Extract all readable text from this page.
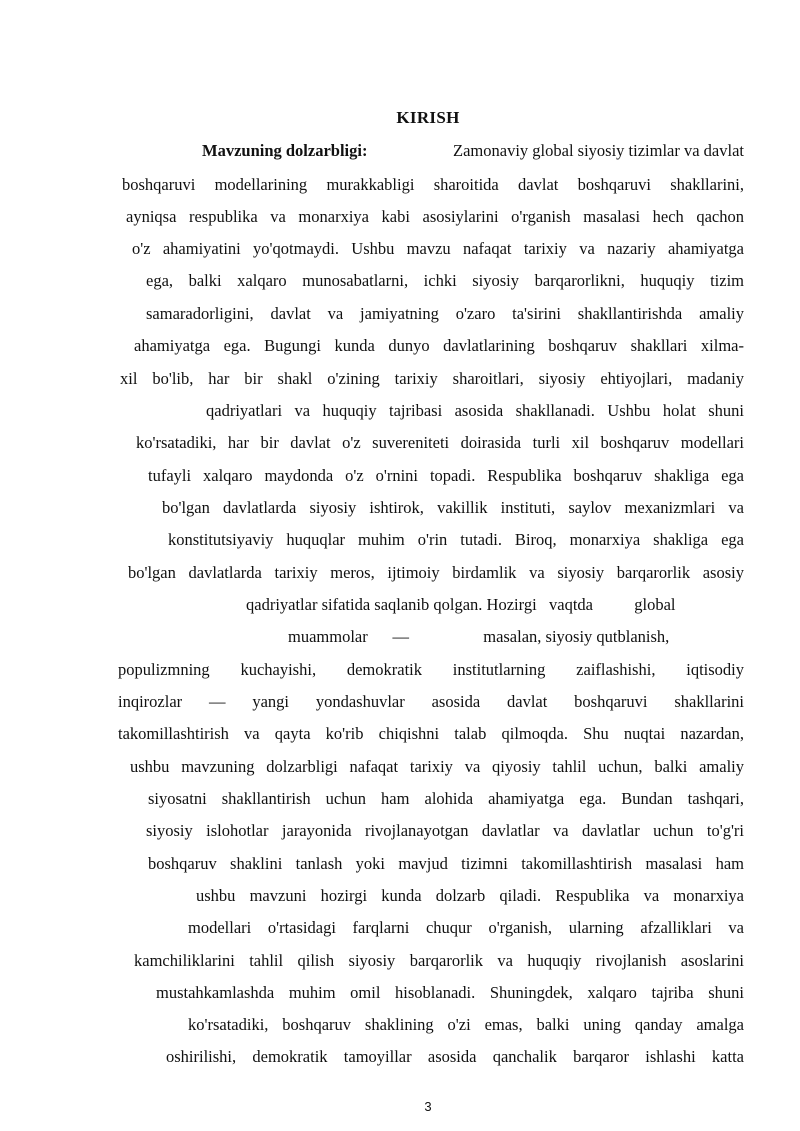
KIRISH
Mavzuning dolzarbligi:	Zamonaviy global siyosiy tizimlar va davlat
boshqaruvi modellarining murakkabligi sharoitida davlat boshqaruvi shakllarini,
ayniqsa respublika va monarxiya kabi asosiylarini o'rganish masalasi hech qachon
o'z ahamiyatini yo'qotmaydi. Ushbu mavzu nafaqat tarixiy va nazariy ahamiyatga
ega, balki xalqaro munosabatlarni, ichki siyosiy barqarorlikni, huquqiy tizim
samaradorligini, davlat va jamiyatning o'zaro ta'sirini shakllantirishda amaliy
ahamiyatga ega. Bugungi kunda dunyo davlatlarining boshqaruv shakllari xilma-
xil bo'lib, har bir shakl o'zining tarixiy sharoitlari, siyosiy ehtiyojlari, madaniy
qadriyatlari va huquqiy tajribasi asosida shakllanadi. Ushbu holat shuni
ko'rsatadiki, har bir davlat o'z suvereniteti doirasida turli xil boshqaruv modellari
tufayli xalqaro maydonda o'z o'rnini topadi. Respublika boshqaruv shakliga ega
bo'lgan davlatlarda siyosiy ishtirok, vakillik instituti, saylov mexanizmlari va
konstitutsiyaviy huquqlar muhim o'rin tutadi. Biroq, monarxiya shakliga ega
bo'lgan davlatlarda tarixiy meros, ijtimoiy birdamlik va siyosiy barqarorlik asosiy
qadriyatlar sifatida saqlanib qolgan. Hozirgi   vaqtda          global
muammolar      —                  masalan, siyosiy qutblanish,
populizmning kuchayishi, demokratik institutlarning zaiflashishi, iqtisodiy
inqirozlar — yangi yondashuvlar asosida davlat boshqaruvi shakllarini
takomillashtirish va qayta ko'rib chiqishni talab qilmoqda. Shu nuqtai nazardan,
ushbu mavzuning dolzarbligi nafaqat tarixiy va qiyosiy tahlil uchun, balki amaliy
siyosatni shakllantirish uchun ham alohida ahamiyatga ega. Bundan tashqari,
siyosiy islohotlar jarayonida rivojlanayotgan davlatlar va davlatlar uchun to'g'ri
boshqaruv shaklini tanlash yoki mavjud tizimni takomillashtirish masalasi ham
ushbu mavzuni hozirgi kunda dolzarb qiladi. Respublika va monarxiya
modellari o'rtasidagi farqlarni chuqur o'rganish, ularning afzalliklari va
kamchiliklarini tahlil qilish siyosiy barqarorlik va huquqiy rivojlanish asoslarini
mustahkamlashda muhim omil hisoblanadi. Shuningdek, xalqaro tajriba shuni
ko'rsatadiki, boshqaruv shaklining o'zi emas, balki uning qanday amalga
oshirilishi, demokratik tamoyillar asosida qanchalik barqaror ishlashi katta
3
